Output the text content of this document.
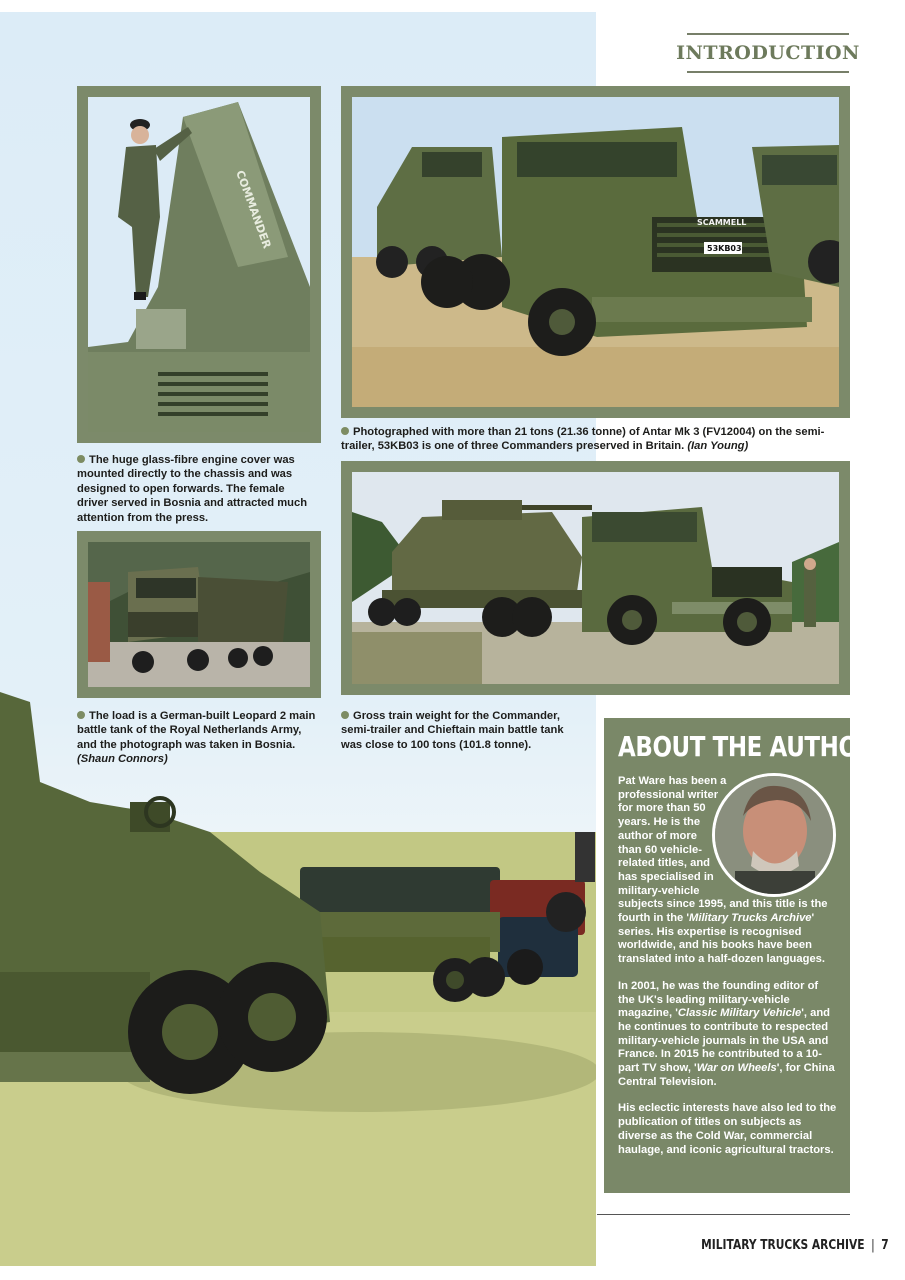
INTRODUCTION
COMMANDER	SCAMMELL
53KB03
The huge glass-fibre engine cover was mounted directly to the chassis and was designed to open forwards. The female driver served in Bosnia and attracted much attention from the press.
Photographed with more than 21 tons (21.36 tonne) of Antar Mk 3 (FV12004) on the semi-trailer, 53KB03 is one of three Commanders preserved in Britain. (Ian Young)
The load is a German-built Leopard 2 main battle tank of the Royal Netherlands Army, and the photograph was taken in Bosnia. (Shaun Connors)
Gross train weight for the Commander, semi-trailer and Chieftain main battle tank was close to 100 tons (101.8 tonne).	ABOUT THE AUTHOR

Pat Ware has been a professional writer for more than 50 years. He is the author of more than 60 vehicle-related titles, and has specialised in military-vehicle subjects since 1995, and this title is the fourth in the 'Military Trucks Archive' series. His expertise is recognised worldwide, and his books have been translated into a half-dozen languages.

In 2001, he was the founding editor of the UK's leading military-vehicle magazine, 'Classic Military Vehicle', and he continues to contribute to respected military-vehicle journals in the USA and France. In 2015 he contributed to a 10-part TV show, 'War on Wheels', for China Central Television.

His eclectic interests have also led to the publication of titles on subjects as diverse as the Cold War, commercial haulage, and iconic agricultural tractors.

MILITARY TRUCKS ARCHIVE | 7
